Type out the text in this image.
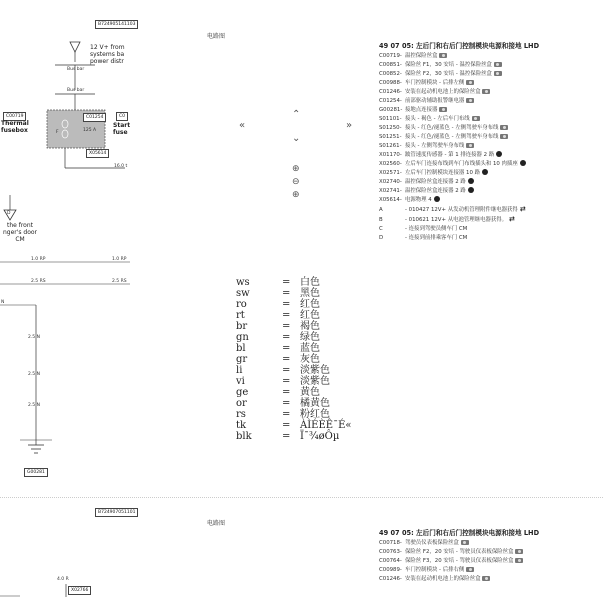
B724905141103
12 V+ from
systems ba
power distr
Bus bar
Bus bar
C01254	C0
125 A
F
X05614
C00719
Thermal
fusebox
Start
fuse
16.0 t
D
the front
nger's door
CM
1.0 RP	1.0 RP
2.5 RS	2.5 RS
N
2.5 N
2.5 N
2.5 N
G00281
电路图
«	»
⌃
⌄
⊕
⊖
⊕
ws	= 白色
sw	= 黑色
ro	= 红色
rt	= 红色
br	= 褐色
gn	= 绿色
bl	= 蓝色
gr	= 灰色
li	= 淡紫色
vi	= 淡紫色
ge	= 黄色
or	= 橘黄色
rs	= 粉红色
tk	= ÀÌÉÈÊ¯É«
blk	= Ï¯¾øÔµ
49 07 05: 左后门和右后门控制模块电源和接地 LHD
C00719- 温控保险丝盒
C00851- 保险丝 F1，30 安培 - 温控保险丝盒
C00852- 保险丝 F2，30 安培 - 温控保险丝盒
C00988- 车门控制模块 - 后排左侧
C01246- 安装在起动机电池上的保险丝盒
C01254- 前部驱动辅助报警继电器
G00281- 接地点连接器
S01101- 接头 - 褐色 - 左后车门布线
S01250- 接头 - 红色/褪蓝色 - 左侧驾驶车身布线
S01251- 接头 - 红色/褪蓝色 - 左侧驾驶车身布线
S01261- 接头 - 左侧驾驶车身布线
X01170- 跛管速度传感器 - 第 1 排连接器 2 路
X02560- 左后车门连接布线到车门布线插头和 10 肉插座
X02571- 左后车门控制模块连接器 10 路
X02740- 温控保险丝盒连接器 2 路
X02741- 温控保险丝盒连接器 2 路
X05614- 电源物理 4
A	- 010427 12V+ 从发动机管理附件继电器获得 ⇄
B	- 010621 12V+ 从电池管理继电器获得。 ⇄
C	- 连接到驾驶员侧车门 CM
D	- 连接到前排乘客车门 CM
B724907051101
电路图
4.0 R
X02766
49 07 05: 左后门和右后门控制模块电源和接地 LHD
C00718- 驾驶员仪表板保险丝盒
C00763- 保险丝 F2，20 安培 - 驾驶员仪表板保险丝盒
C00764- 保险丝 F3，20 安培 - 驾驶员仪表板保险丝盒
C00989- 车门控制模块 - 后排右侧
C01246- 安装在起动机电池上的保险丝盒
